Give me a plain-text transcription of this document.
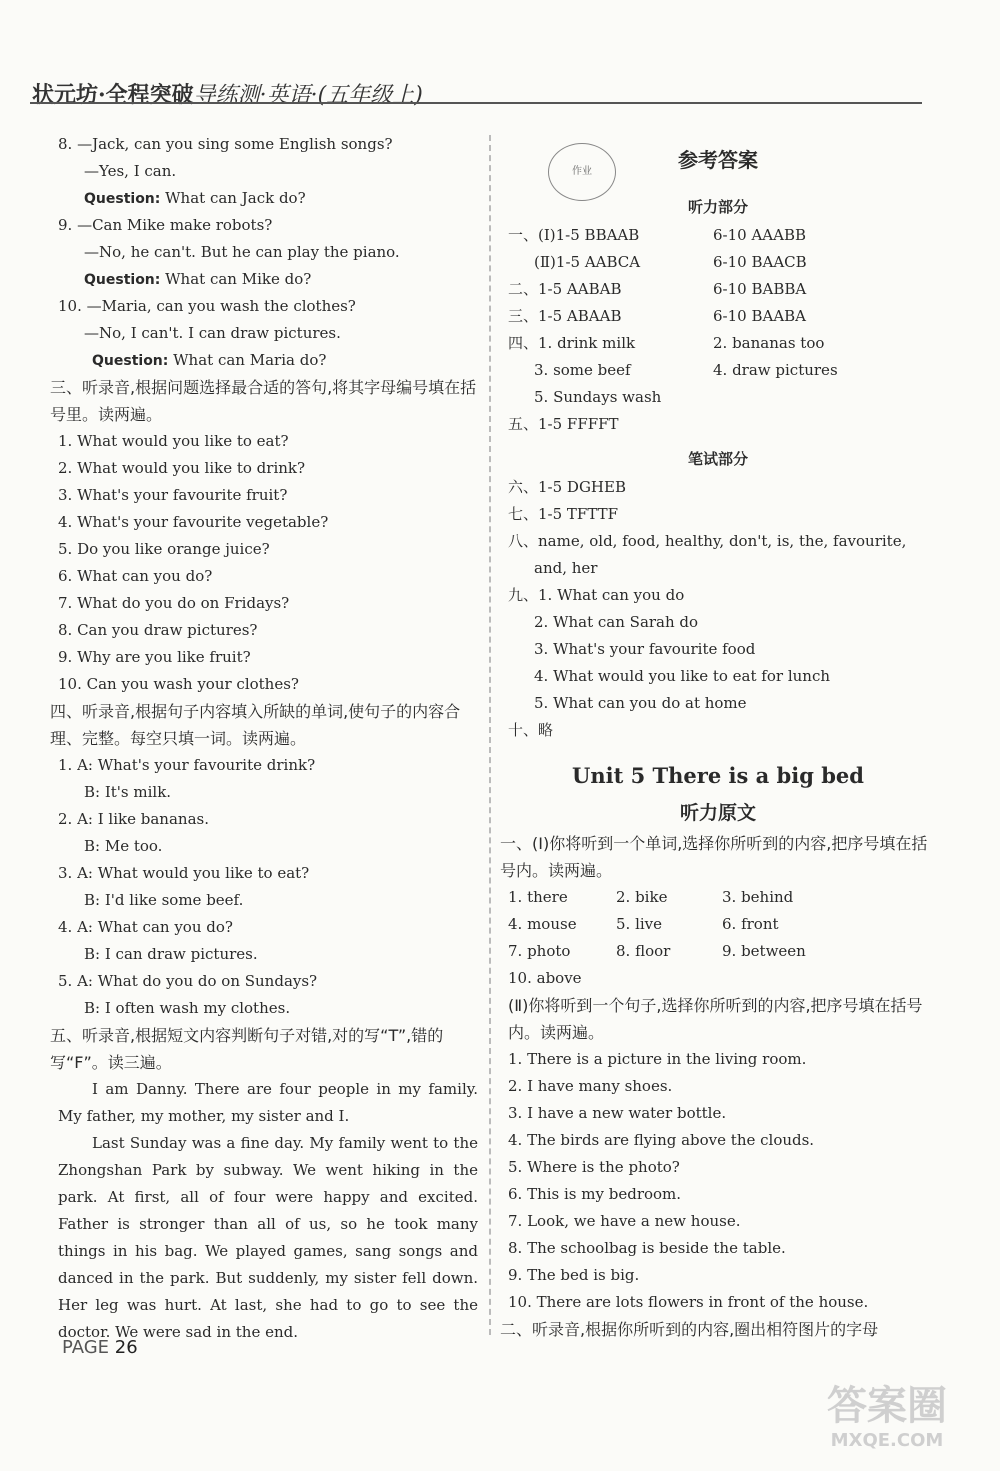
状元坊·全程突破导练测·英语·(五年级上)
8. —Jack, can you sing some English songs?
—Yes, I can.
Question: What can Jack do?
9. —Can Mike make robots?
—No, he can't. But he can play the piano.
Question: What can Mike do?
10. —Maria, can you wash the clothes?
—No, I can't. I can draw pictures.
Question: What can Maria do?
三、听录音,根据问题选择最合适的答句,将其字母编号填在括号里。读两遍。
1. What would you like to eat?
2. What would you like to drink?
3. What's your favourite fruit?
4. What's your favourite vegetable?
5. Do you like orange juice?
6. What can you do?
7. What do you do on Fridays?
8. Can you draw pictures?
9. Why are you like fruit?
10. Can you wash your clothes?
四、听录音,根据句子内容填入所缺的单词,使句子的内容合理、完整。每空只填一词。读两遍。
1. A: What's your favourite drink?
B: It's milk.
2. A: I like bananas.
B: Me too.
3. A: What would you like to eat?
B: I'd like some beef.
4. A: What can you do?
B: I can draw pictures.
5. A: What do you do on Sundays?
B: I often wash my clothes.
五、听录音,根据短文内容判断句子对错,对的写“T”,错的写“F”。读三遍。
I am Danny. There are four people in my family. My father, my mother, my sister and I.
Last Sunday was a fine day. My family went to the Zhongshan Park by subway. We went hiking in the park. At first, all of four were happy and excited. Father is stronger than all of us, so he took many things in his bag. We played games, sang songs and danced in the park. But suddenly, my sister fell down. Her leg was hurt. At last, she had to go to see the doctor. We were sad in the end.
作业	参考答案
听力部分
一、(Ⅰ)1-5 BBAAB	6-10 AAABB
(Ⅱ)1-5 AABCA	6-10 BAACB
二、1-5 AABAB	6-10 BABBA
三、1-5 ABAAB	6-10 BAABA
四、1. drink milk	2. bananas too
3. some beef	4. draw pictures
5. Sundays wash
五、1-5 FFFFT
笔试部分
六、1-5 DGHEB
七、1-5 TFTTF
八、name, old, food, healthy, don't, is, the, favourite,
and, her
九、1. What can you do
2. What can Sarah do
3. What's your favourite food
4. What would you like to eat for lunch
5. What can you do at home
十、略
Unit 5 There is a big bed
听力原文
一、(Ⅰ)你将听到一个单词,选择你所听到的内容,把序号填在括号内。读两遍。
1. there	2. bike	3. behind
4. mouse	5. live	6. front
7. photo	8. floor	9. between
10. above
(Ⅱ)你将听到一个句子,选择你所听到的内容,把序号填在括号内。读两遍。
1. There is a picture in the living room.
2. I have many shoes.
3. I have a new water bottle.
4. The birds are flying above the clouds.
5. Where is the photo?
6. This is my bedroom.
7. Look, we have a new house.
8. The schoolbag is beside the table.
9. The bed is big.
10. There are lots flowers in front of the house.
二、听录音,根据你所听到的内容,圈出相符图片的字母
PAGE 26
答案圈
MXQE.COM
